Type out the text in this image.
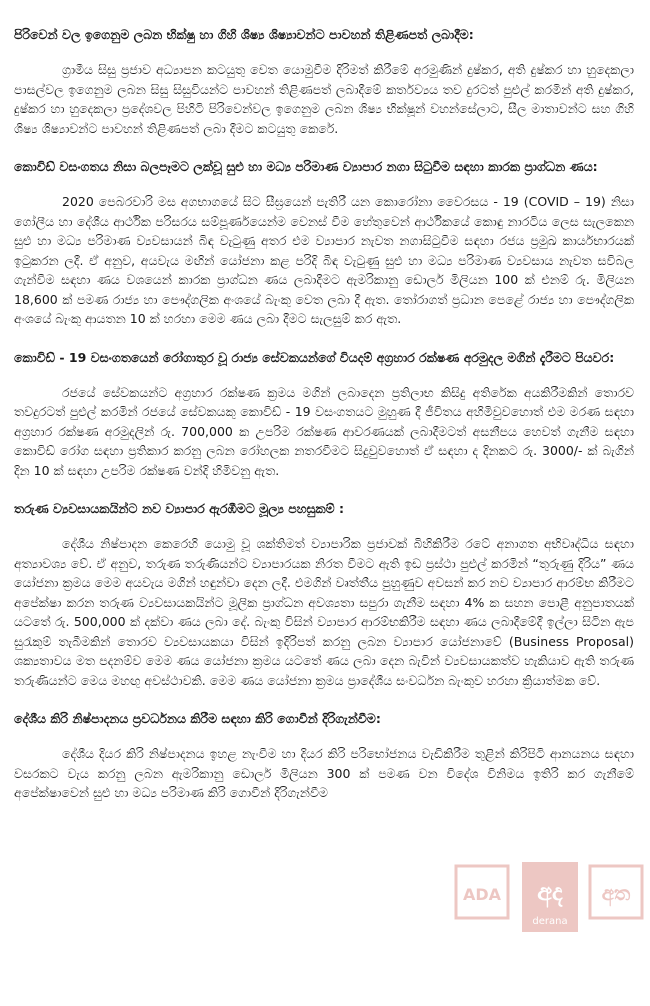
පිරිවෙන් වල ඉගෙනුම ලබන භික්ෂු හා ගිහි ශිෂ්‍ය ශිෂ්‍යාවන්ට පාවහන් තිළිණපත් ලබාදීම:
ග්‍රාමීය සිසු ප්‍රජාව අධ්‍යාපන කටයුතු වෙත යොමුවීම දිරිමත් කිරීමේ අරමුණින් දුෂ්කර, අති දුෂ්කර හා හුදෙකලා පාසල්වල ඉගෙනුම ලබන සිසු සිසුවියන්ට පාවහන් තිළිණපත් ලබාදීමේ කර්තව්‍යය තව දුරටත් පුළුල් කරමින් අති දුෂ්කර, දුෂ්කර හා හුදෙකලා ප්‍රදේශවල පිහිටි පිරිවෙන්වල ඉගෙනුම ලබන ශිෂ්‍ය භික්ෂූන් වහන්සේලාට, සීල මාතාවන්ට සහ ගිහි ශිෂ්‍ය ශිෂ්‍යාවන්ට පාවහන් තිළිණපත් ලබා දීමට කටයුතු කෙරේ.
කොවිඩ් වසංගතය නිසා බලපෑමට ලක්වූ සුළු හා මධ්‍ය පරිමාණ ව්‍යාපාර නගා සිටුවීම සඳහා කාරක ප්‍රාග්ධන ණය:
2020 පෙබරවාරි මස අගභාගයේ සිට සීඝ්‍රයෙන් පැතිරී යන කොරෝනා වෛරසය - 19 (COVID – 19) නිසා ගෝලීය හා දේශීය ආර්ථික පරිසරය සම්පූර්ණයෙන්ම වෙනස් වීම හේතුවෙන් ආර්ථිකයේ කොඳු නාරටිය ලෙස සැලකෙන සුළු හා මධ්‍ය පරිමාණ ව්‍යවසායන් බිඳ වැටුණු අතර එම ව්‍යාපාර නැවත නගාසිටුවීම සඳහා රජය ප්‍රමුඛ කාර්යභාරයක් ඉටුකරන ලදී. ඒ අනුව, අයවැය මඟින් යෝජනා කළ පරිදි බිඳ වැටුණු සුළු හා මධ්‍ය පරිමාණ ව්‍යවසාය නැවත සවිබල ගැන්වීම සඳහා ණය වශයෙන් කාරක ප්‍රාග්ධන ණය ලබාදීමට ඇමරිකානු ඩොලර් මිලියන 100 ක් එනම් රු. මිලියන 18,600 ක් පමණ රාජ්‍ය හා පෞද්ගලික අංශයේ බැංකු වෙත ලබා දී ඇත. තෝරාගත් ප්‍රධාන පෙළේ රාජ්‍ය හා පෞද්ගලික අංශයේ බැංකු ආයතන 10 ක් හරහා මෙම ණය ලබා දීමට සැලසුම් කර ඇත.
කොවිඩ් - 19 වසංගතයෙන් රෝගාතුර වූ රාජ්‍ය සේවකයන්ගේ වියදම් අග්‍රහාර රක්ෂණ අරමුදල මගින් දැරීමට පියවර:
රජයේ සේවකයන්ට අග්‍රහාර රක්ෂණ ක්‍රමය මගින් ලබාදෙන ප්‍රතිලාභ කිසිදු අතිරේක අයකිරීමකින් තොරව තවදුරටත් පුළුල් කරමින් රජයේ සේවකයකු කොවිඩ් - 19 වසංගතයට මුහුණ දී ජීවිතය අහිමිවුවහොත් එම මරණ සඳහා අග්‍රහාර රක්ෂණ අරමුදලින් රු. 700,000 ක උපරිම රක්ෂණ ආවරණයක් ලබාදීමටත් අසනීපය හෙවත් ගැනීම සඳහා කොවිඩ් රෝග සඳහා ප්‍රතිකාර කරනු ලබන රෝහලක නතරවීමට සිදුවුවහොත් ඒ සඳහා ද දිනකට රු. 3000/- ක් බැගින් දින 10 ක් සඳහා උපරිම රක්ෂණ වන්දි හිමිවනු ඇත.
තරුණ ව්‍යවසායකයින්ට නව ව්‍යාපාර ඇරඹීමට මූල්‍ය පහසුකම් :
දේශීය නිෂ්පාදන කෙරෙහි යොමු වූ ශක්තිමත් ව්‍යාපාරික ප්‍රජාවක් බිහිකිරීම රටේ අනාගත අභිවෘද්ධිය සඳහා අත්‍යාවශ්‍ය වේ. ඒ අනුව, තරුණ තරුණියන්ට ව්‍යාපාරයක නිරත වීමට ඇති ඉඩ ප්‍රස්ථා පුළුල් කරමින් “තුරුණු දිරිය” ණය යෝජනා ක්‍රමය මෙම අයවැය මගින් හඳුන්වා දෙන ලදී. එමගින් වෘත්තීය පුහුණුව අවසන් කර නව ව්‍යාපාර ආරම්භ කිරීමට අපේක්ෂා කරන තරුණ ව්‍යවසායකයින්ට මූලික ප්‍රාග්ධන අවශ්‍යතා සපුරා ගැනීම සඳහා 4% ක සහන පොළී අනුපාතයක් යටතේ රු. 500,000 ක් දක්වා ණය ලබා දේ. බැංකු විසින් ව්‍යාපාර ආරම්භකිරීම සඳහා ණය ලබාදීමේදී ඉල්ලා සිටින ඇප සුරැකුම් තැබීමකින් තොරව ව්‍යවසායකයා විසින් ඉදිරිපත් කරනු ලබන ව්‍යාපාර යෝජනාවේ (Business Proposal) ශක්‍යතාවය මත පදනම්ව මෙම ණය යෝජනා ක්‍රමය යටතේ ණය ලබා දෙන බැවින් ව්‍යවසායකත්ව හැකියාව ඇති තරුණ තරුණියන්ට මෙය මහඟු අවස්ථාවකි. මෙම ණය යෝජනා ක්‍රමය ප්‍රාදේශීය සංවර්ධන බැංකුව හරහා ක්‍රියාත්මක වේ.
දේශීය කිරි නිෂ්පාදනය ප්‍රවර්ධනය කිරීම සඳහා කිරි ගොවීන් දිරිගැන්වීම:
දේශීය දියර කිරි නිෂ්පාදනය ඉහළ නැංවීම හා දියර කිරි පරිභෝජනය වැඩිකිරීම තුළින් කිරිපිටි ආනයනය සඳහා වසරකට වැය කරනු ලබන ඇමරිකානු ඩොලර් මිලියන 300 ක් පමණ වන විදේශ විනිමය ඉතිරි කර ගැනීමේ අපේක්ෂාවෙන් සුළු හා මධ්‍ය පරිමාණ කිරි ගොවීන් දිරිගැන්වීම
ADA අද
derana
අත
